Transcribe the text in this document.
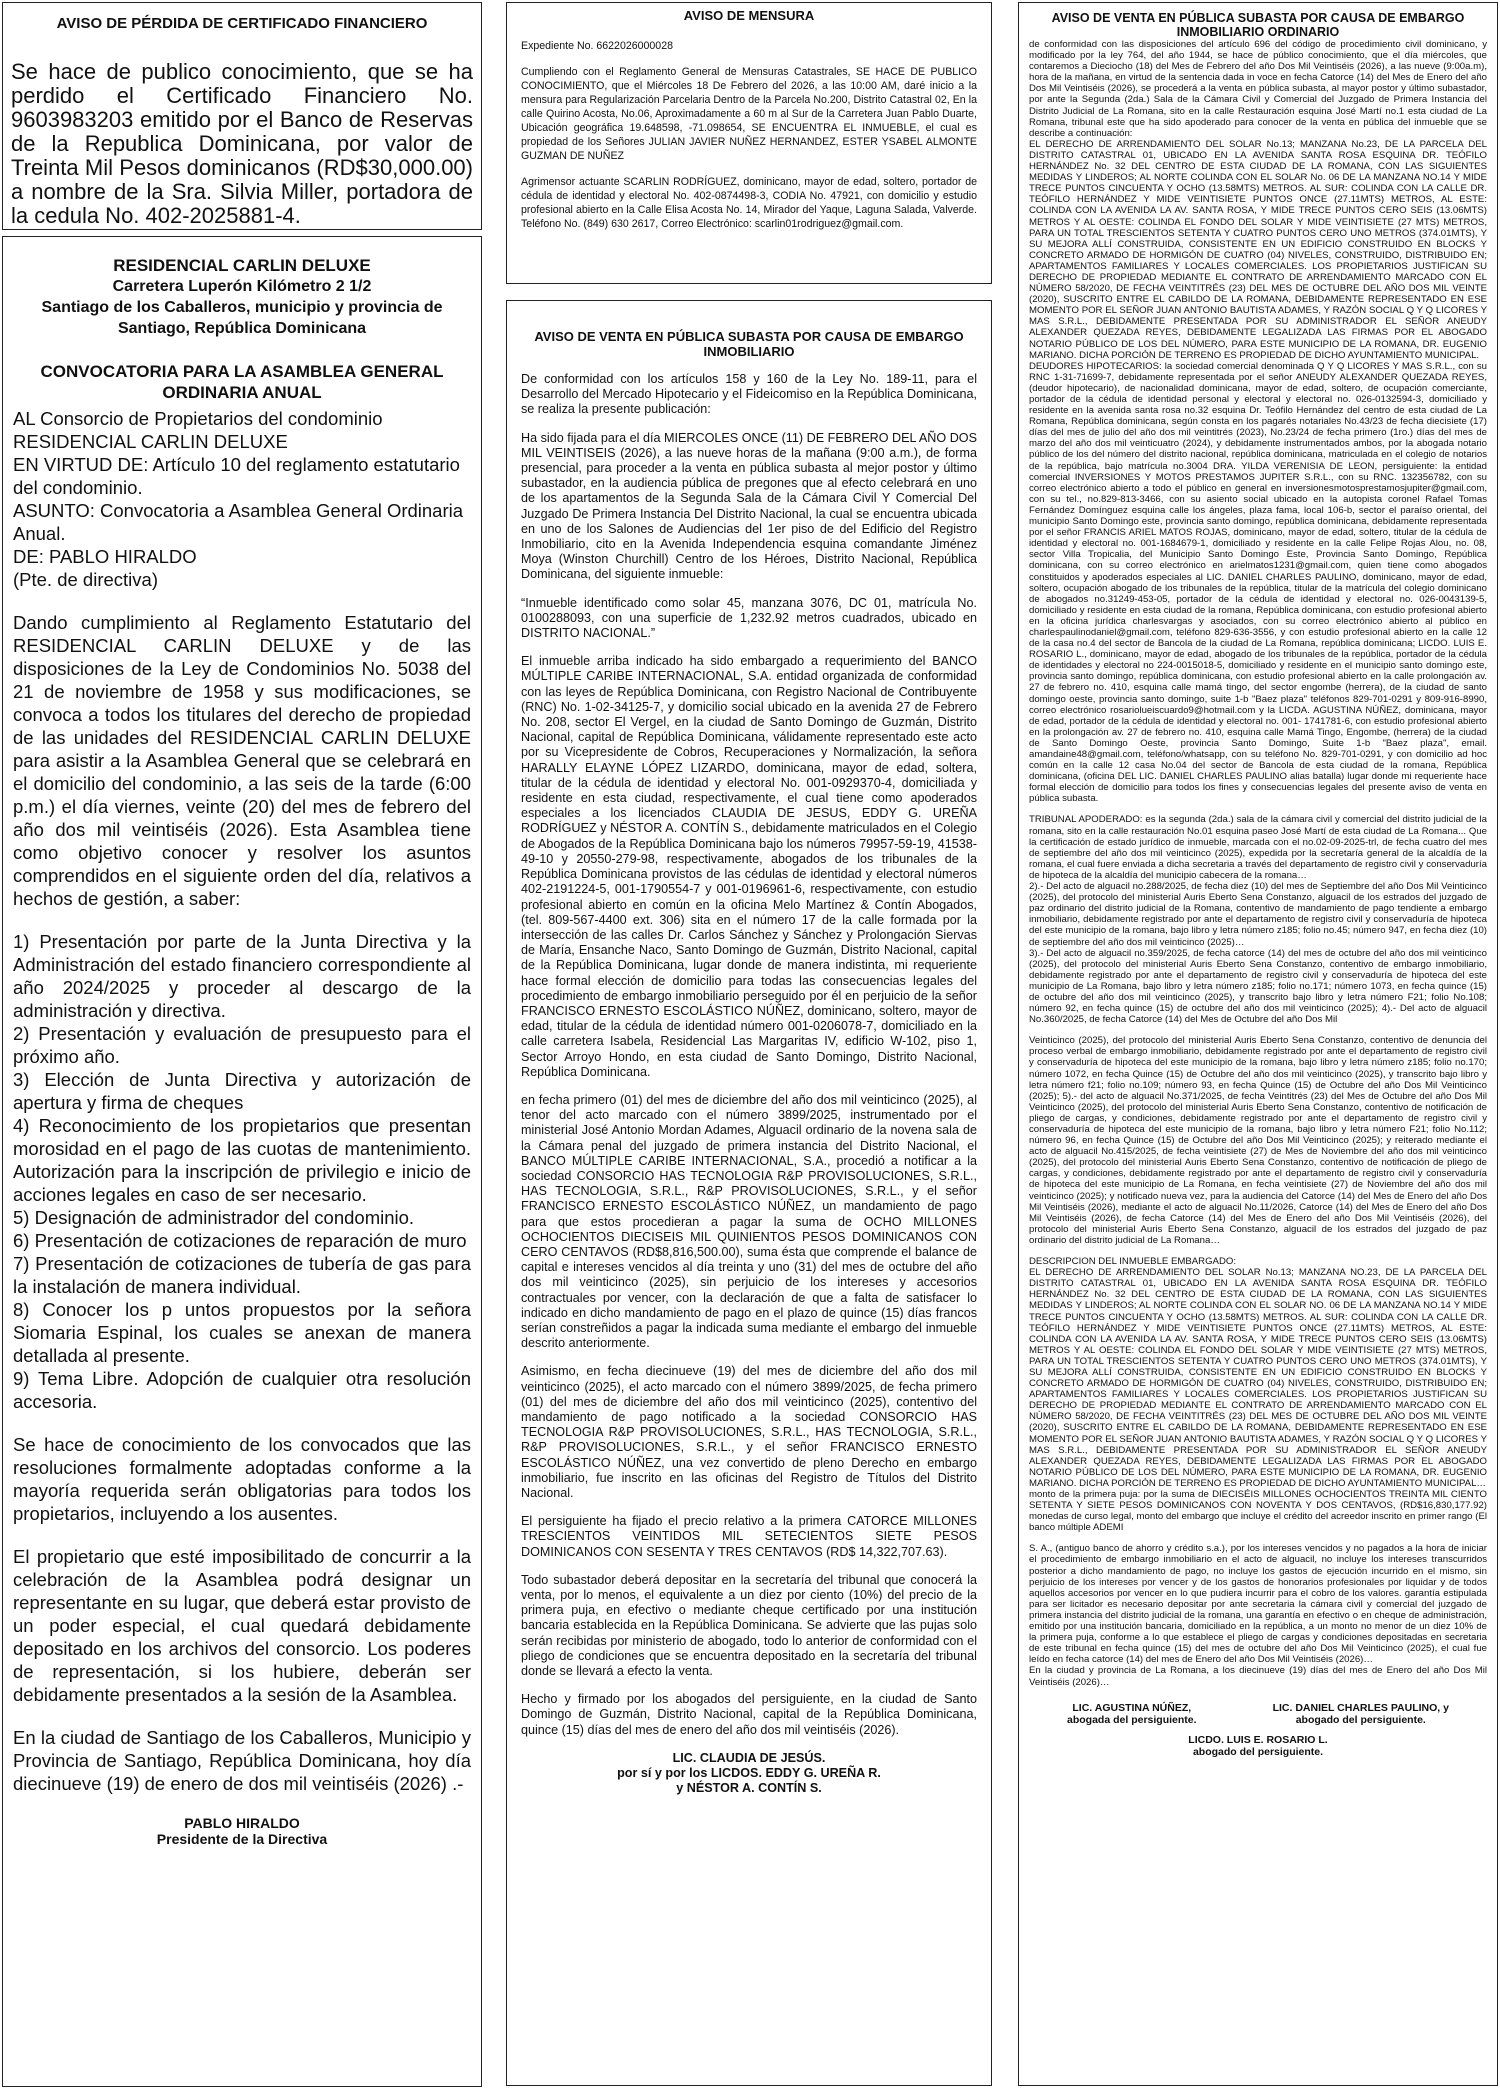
AVISO DE PÉRDIDA DE CERTIFICADO FINANCIERO

Se hace de publico conocimiento, que se ha perdido el Certificado Financiero No. 9603983203 emitido por el Banco de Reservas de la Republica Dominicana, por valor de Treinta Mil Pesos dominicanos (RD$30,000.00) a nombre de la Sra. Silvia Miller, portadora de la cedula No. 402-2025881-4.

RESIDENCIAL CARLIN DELUXE
Carretera Luperón Kilómetro 2 1/2
Santiago de los Caballeros, municipio y provincia de Santiago, República Dominicana
CONVOCATORIA PARA LA ASAMBLEA GENERAL ORDINARIA ANUAL
AL Consorcio de Propietarios del condominio RESIDENCIAL CARLIN DELUXE
EN VIRTUD DE: Artículo 10 del reglamento estatutario del condominio.
ASUNTO: Convocatoria a Asamblea General Ordinaria Anual.
DE: PABLO HIRALDO
(Pte. de directiva)

Dando cumplimiento al Reglamento Estatutario del RESIDENCIAL CARLIN DELUXE y de las disposiciones de la Ley de Condominios No. 5038 del 21 de noviembre de 1958 y sus modificaciones, se convoca a todos los titulares del derecho de propiedad de las unidades del RESIDENCIAL CARLIN DELUXE para asistir a la Asamblea General que se celebrará en el domicilio del condominio, a las seis de la tarde (6:00 p.m.) el día viernes, veinte (20) del mes de febrero del año dos mil veintiséis (2026). Esta Asamblea tiene como objetivo conocer y resolver los asuntos comprendidos en el siguiente orden del día, relativos a hechos de gestión, a saber:

1) Presentación por parte de la Junta Directiva y la Administración del estado financiero correspondiente al año 2024/2025 y proceder al descargo de la administración y directiva.

2) Presentación y evaluación de presupuesto para el próximo año.

3) Elección de Junta Directiva y autorización de apertura y firma de cheques

4) Reconocimiento de los propietarios que presentan morosidad en el pago de las cuotas de mantenimiento. Autorización para la inscripción de privilegio e inicio de acciones legales en caso de ser necesario.

5) Designación de administrador del condominio.

6) Presentación de cotizaciones de reparación de muro

7) Presentación de cotizaciones de tubería de gas para la instalación de manera individual.

8) Conocer los p untos propuestos por la señora Siomaria Espinal, los cuales se anexan de manera detallada al presente.

9) Tema Libre. Adopción de cualquier otra resolución accesoria.

Se hace de conocimiento de los convocados que las resoluciones formalmente adoptadas conforme a la mayoría requerida serán obligatorias para todos los propietarios, incluyendo a los ausentes.

El propietario que esté imposibilitado de concurrir a la celebración de la Asamblea podrá designar un representante en su lugar, que deberá estar provisto de un poder especial, el cual quedará debidamente depositado en los archivos del consorcio. Los poderes de representación, si los hubiere, deberán ser debidamente presentados a la sesión de la Asamblea.

En la ciudad de Santiago de los Caballeros, Municipio y Provincia de Santiago, República Dominicana, hoy día diecinueve (19) de enero de dos mil veintiséis (2026) .-

PABLO HIRALDO
Presidente de la Directiva
AVISO DE MENSURA
Expediente No. 6622026000028

Cumpliendo con el Reglamento General de Mensuras Catastrales, SE HACE DE PUBLICO CONOCIMIENTO, que el Miércoles 18 De Febrero del 2026, a las 10:00 AM, daré inicio a la mensura para Regularización Parcelaria Dentro de la Parcela No.200, Distrito Catastral 02, En la calle Quirino Acosta, No.06, Aproximadamente a 60 m al Sur de la Carretera Juan Pablo Duarte, Ubicación geográfica 19.648598, -71.098654, SE ENCUENTRA EL INMUEBLE, el cual es propiedad de los Señores JULIAN JAVIER NUÑEZ HERNANDEZ, ESTER YSABEL ALMONTE GUZMAN DE NUÑEZ

Agrimensor actuante SCARLIN RODRÍGUEZ, dominicano, mayor de edad, soltero, portador de cédula de identidad y electoral No. 402-0874498-3, CODIA No. 47921, con domicilio y estudio profesional abierto en la Calle Elisa Acosta No. 14, Mirador del Yaque, Laguna Salada, Valverde. Teléfono No. (849) 630 2617, Correo Electrónico: scarlin01rodriguez@gmail.com.

AVISO DE VENTA EN PÚBLICA SUBASTA POR CAUSA DE EMBARGO INMOBILIARIO

De conformidad con los artículos 158 y 160 de la Ley No. 189-11, para el Desarrollo del Mercado Hipotecario y el Fideicomiso en la República Dominicana, se realiza la presente publicación:

Ha sido fijada para el día MIERCOLES ONCE (11) DE FEBRERO DEL AÑO DOS MIL VEINTISEIS (2026), a las nueve horas de la mañana (9:00 a.m.), de forma presencial, para proceder a la venta en pública subasta al mejor postor y último subastador, en la audiencia pública de pregones que al efecto celebrará en uno de los apartamentos de la Segunda Sala de la Cámara Civil Y Comercial Del Juzgado De Primera Instancia Del Distrito Nacional, la cual se encuentra ubicada en uno de los Salones de Audiencias del 1er piso de del Edificio del Registro Inmobiliario, cito en la Avenida Independencia esquina comandante Jiménez Moya (Winston Churchill) Centro de los Héroes, Distrito Nacional, República Dominicana, del siguiente inmueble:

“Inmueble identificado como solar 45, manzana 3076, DC 01, matrícula No. 0100288093, con una superficie de 1,232.92 metros cuadrados, ubicado en DISTRITO NACIONAL.”

El inmueble arriba indicado ha sido embargado a requerimiento del BANCO MÚLTIPLE CARIBE INTERNACIONAL, S.A. entidad organizada de conformidad con las leyes de República Dominicana, con Registro Nacional de Contribuyente (RNC) No. 1-02-34125-7, y domicilio social ubicado en la avenida 27 de Febrero No. 208, sector El Vergel, en la ciudad de Santo Domingo de Guzmán, Distrito Nacional, capital de República Dominicana, válidamente representado este acto por su Vicepresidente de Cobros, Recuperaciones y Normalización, la señora HARALLY ELAYNE LÓPEZ LIZARDO, dominicana, mayor de edad, soltera, titular de la cédula de identidad y electoral No. 001-0929370-4, domiciliada y residente en esta ciudad, respectivamente, el cual tiene como apoderados especiales a los licenciados CLAUDIA DE JESUS, EDDY G. UREÑA RODRÍGUEZ y NÉSTOR A. CONTÍN S., debidamente matriculados en el Colegio de Abogados de la República Dominicana bajo los números 79957-59-19, 41538-49-10 y 20550-279-98, respectivamente, abogados de los tribunales de la República Dominicana provistos de las cédulas de identidad y electoral números 402-2191224-5, 001-1790554-7 y 001-0196961-6, respectivamente, con estudio profesional abierto en común en la oficina Melo Martínez & Contín Abogados, (tel. 809-567-4400 ext. 306) sita en el número 17 de la calle formada por la intersección de las calles Dr. Carlos Sánchez y Sánchez y Prolongación Siervas de María, Ensanche Naco, Santo Domingo de Guzmán, Distrito Nacional, capital de la República Dominicana, lugar donde de manera indistinta, mi requeriente hace formal elección de domicilio para todas las consecuencias legales del procedimiento de embargo inmobiliario perseguido por él en perjuicio de la señor FRANCISCO ERNESTO ESCOLÁSTICO NÚÑEZ, dominicano, soltero, mayor de edad, titular de la cédula de identidad número 001-0206078-7, domiciliado en la calle carretera Isabela, Residencial Las Margaritas IV, edificio W-102, piso 1, Sector Arroyo Hondo, en esta ciudad de Santo Domingo, Distrito Nacional, República Dominicana.

en fecha primero (01) del mes de diciembre del año dos mil veinticinco (2025), al tenor del acto marcado con el número 3899/2025, instrumentado por el ministerial José Antonio Mordan Adames, Alguacil ordinario de la novena sala de la Cámara penal del juzgado de primera instancia del Distrito Nacional, el BANCO MÚLTIPLE CARIBE INTERNACIONAL, S.A., procedió a notificar a la sociedad CONSORCIO HAS TECNOLOGIA R&P PROVISOLUCIONES, S.R.L., HAS TECNOLOGIA, S.R.L., R&P PROVISOLUCIONES, S.R.L., y el señor FRANCISCO ERNESTO ESCOLÁSTICO NÚÑEZ, un mandamiento de pago para que estos procedieran a pagar la suma de OCHO MILLONES OCHOCIENTOS DIECISEIS MIL QUINIENTOS PESOS DOMINICANOS CON CERO CENTAVOS (RD$8,816,500.00), suma ésta que comprende el balance de capital e intereses vencidos al día treinta y uno (31) del mes de octubre del año dos mil veinticinco (2025), sin perjuicio de los intereses y accesorios contractuales por vencer, con la declaración de que a falta de satisfacer lo indicado en dicho mandamiento de pago en el plazo de quince (15) días francos serían constreñidos a pagar la indicada suma mediante el embargo del inmueble descrito anteriormente.

Asimismo, en fecha diecinueve (19) del mes de diciembre del año dos mil veinticinco (2025), el acto marcado con el número 3899/2025, de fecha primero (01) del mes de diciembre del año dos mil veinticinco (2025), contentivo del mandamiento de pago notificado a la sociedad CONSORCIO HAS TECNOLOGIA R&P PROVISOLUCIONES, S.R.L., HAS TECNOLOGIA, S.R.L., R&P PROVISOLUCIONES, S.R.L., y el señor FRANCISCO ERNESTO ESCOLÁSTICO NÚÑEZ, una vez convertido de pleno Derecho en embargo inmobiliario, fue inscrito en las oficinas del Registro de Títulos del Distrito Nacional.

El persiguiente ha fijado el precio relativo a la primera CATORCE MILLONES TRESCIENTOS VEINTIDOS MIL SETECIENTOS SIETE PESOS DOMINICANOS CON SESENTA Y TRES CENTAVOS (RD$ 14,322,707.63).

Todo subastador deberá depositar en la secretaría del tribunal que conocerá la venta, por lo menos, el equivalente a un diez por ciento (10%) del precio de la primera puja, en efectivo o mediante cheque certificado por una institución bancaria establecida en la República Dominicana. Se advierte que las pujas solo serán recibidas por ministerio de abogado, todo lo anterior de conformidad con el pliego de condiciones que se encuentra depositado en la secretaría del tribunal donde se llevará a efecto la venta.

Hecho y firmado por los abogados del persiguiente, en la ciudad de Santo Domingo de Guzmán, Distrito Nacional, capital de la República Dominicana, quince (15) días del mes de enero del año dos mil veintiséis (2026).

LIC. CLAUDIA DE JESÚS.
por sí y por los LICDOS. EDDY G. UREÑA R.
y NÉSTOR A. CONTÍN S.
AVISO DE VENTA EN PÚBLICA SUBASTA POR CAUSA DE EMBARGO INMOBILIARIO ORDINARIO

de conformidad con las disposiciones del artículo 696 del código de procedimiento civil dominicano, y modificado por la ley 764, del año 1944, se hace de público conocimiento, que el día miércoles, que contaremos a Dieciocho (18) del Mes de Febrero del año Dos Mil Veintiséis (2026), a las nueve (9:00a.m), hora de la mañana, en virtud de la sentencia dada in voce en fecha Catorce (14) del Mes de Enero del año Dos Mil Veintiséis (2026), se procederá a la venta en pública subasta, al mayor postor y último subastador, por ante la Segunda (2da.) Sala de la Cámara Civil y Comercial del Juzgado de Primera Instancia del Distrito Judicial de La Romana, sito en la calle Restauración esquina José Martí no.1 esta ciudad de La Romana, tribunal este que ha sido apoderado para conocer de la venta en pública del inmueble que se describe a continuación:

EL DERECHO DE ARRENDAMIENTO DEL SOLAR No.13; MANZANA No.23, DE LA PARCELA DEL DISTRITO CATASTRAL 01, UBICADO EN LA AVENIDA SANTA ROSA ESQUINA DR. TEÓFILO HERNÁNDEZ No. 32 DEL CENTRO DE ESTA CIUDAD DE LA ROMANA, CON LAS SIGUIENTES MEDIDAS Y LINDEROS; AL NORTE COLINDA CON EL SOLAR No. 06 DE LA MANZANA NO.14 Y MIDE TRECE PUNTOS CINCUENTA Y OCHO (13.58MTS) METROS. AL SUR: COLINDA CON LA CALLE DR. TEÓFILO HERNÁNDEZ Y MIDE VEINTISIETE PUNTOS ONCE (27.11MTS) METROS, AL ESTE: COLINDA CON LA AVENIDA LA AV. SANTA ROSA, Y MIDE TRECE PUNTOS CERO SEIS (13.06MTS) METROS Y AL OESTE: COLINDA EL FONDO DEL SOLAR Y MIDE VEINTISIETE (27 MTS) METROS, PARA UN TOTAL TRESCIENTOS SETENTA Y CUATRO PUNTOS CERO UNO METROS (374.01MTS), Y SU MEJORA ALLÍ CONSTRUIDA, CONSISTENTE EN UN EDIFICIO CONSTRUIDO EN BLOCKS Y CONCRETO ARMADO DE HORMIGÓN DE CUATRO (04) NIVELES, CONSTRUIDO, DISTRIBUIDO EN; APARTAMENTOS FAMILIARES Y LOCALES COMERCIALES. LOS PROPIETARIOS JUSTIFICAN SU DERECHO DE PROPIEDAD MEDIANTE EL CONTRATO DE ARRENDAMIENTO MARCADO CON EL NÚMERO 58/2020, DE FECHA VEINTITRÉS (23) DEL MES DE OCTUBRE DEL AÑO DOS MIL VEINTE (2020), SUSCRITO ENTRE EL CABILDO DE LA ROMANA, DEBIDAMENTE REPRESENTADO EN ESE MOMENTO POR EL SEÑOR JUAN ANTONIO BAUTISTA ADAMES, Y RAZÓN SOCIAL Q Y Q LICORES Y MAS S.R.L., DEBIDAMENTE PRESENTADA POR SU ADMINISTRADOR EL SEÑOR ANEUDY ALEXANDER QUEZADA REYES, DEBIDAMENTE LEGALIZADA LAS FIRMAS POR EL ABOGADO NOTARIO PÚBLICO DE LOS DEL NÚMERO, PARA ESTE MUNICIPIO DE LA ROMANA, DR. EUGENIO MARIANO. DICHA PORCIÓN DE TERRENO ES PROPIEDAD DE DICHO AYUNTAMIENTO MUNICIPAL.

DEUDORES HIPOTECARIOS: la sociedad comercial denominada Q Y Q LICORES Y MAS S.R.L., con su RNC 1-31-71699-7, debidamente representada por el señor ANEUDY ALEXANDER QUEZADA REYES, (deudor hipotecario), de nacionalidad dominicana, mayor de edad, soltero, de ocupación comerciante, portador de la cédula de identidad personal y electoral y electoral no. 026-0132594-3, domiciliado y residente en la avenida santa rosa no.32 esquina Dr. Teófilo Hernández del centro de esta ciudad de La Romana, República dominicana, según consta en los pagarés notariales No.43/23 de fecha diecisiete (17) días del mes de julio del año dos mil veintitrés (2023), No.23/24 de fecha primero (1ro.) días del mes de marzo del año dos mil veinticuatro (2024), y debidamente instrumentados ambos, por la abogada notario público de los del número del distrito nacional, república dominicana, matriculada en el colegio de notarios de la república, bajo matrícula no.3004 DRA. YILDA VERENISIA DE LEON, persiguiente: la entidad comercial INVERSIONES Y MOTOS PRESTAMOS JUPITER S.R.L., con su RNC. 132356782, con su correo electrónico abierto a todo el público en general en inversionesmotosprestamosjupiter@gmail.com, con su tel., no.829-813-3466, con su asiento social ubicado en la autopista coronel Rafael Tomas Fernández Domínguez esquina calle los ángeles, plaza fama, local 106-b, sector el paraíso oriental, del municipio Santo Domingo este, provincia santo domingo, república dominicana, debidamente representada por el señor FRANCIS ARIEL MATOS ROJAS, dominicano, mayor de edad, soltero, titular de la cédula de identidad y electoral no. 001-1684679-1, domiciliado y residente en la calle Felipe Rojas Alou, no. 08, sector Villa Tropicalia, del Municipio Santo Domingo Este, Provincia Santo Domingo, República dominicana, con su correo electrónico en arielmatos1231@gmail.com, quien tiene como abogados constituidos y apoderados especiales al LIC. DANIEL CHARLES PAULINO, dominicano, mayor de edad, soltero, ocupación abogado de los tribunales de la república, titular de la matrícula del colegio dominicano de abogados no.31249-453-05, portador de la cédula de identidad y electoral no. 026-0043139-5, domiciliado y residente en esta ciudad de la romana, República dominicana, con estudio profesional abierto en la oficina jurídica charlesvargas y asociados, con su correo electrónico abierto al público en charlespaulinodaniel@gmail.com, teléfono 829-636-3556, y con estudio profesional abierto en la calle 12 de la casa no.4 del sector de Bancola de la ciudad de La Romana, república dominicana; LICDO. LUIS E. ROSARIO L., dominicano, mayor de edad, abogado de los tribunales de la república, portador de la cédula de identidades y electoral no 224-0015018-5, domiciliado y residente en el municipio santo domingo este, provincia santo domingo, república dominicana, con estudio profesional abierto en la calle prolongación av. 27 de febrero no. 410, esquina calle mamá tingo, del sector engombe (herrera), de la ciudad de santo domingo oeste, provincia santo domingo, suite 1-b "Baez plaza" teléfonos 829-701-0291 y 809-916-8990, correo electrónico rosariolueiscuardo9@hotmail.com y la LICDA. AGUSTINA NÚÑEZ, dominicana, mayor de edad, portador de la cédula de identidad y electoral no. 001- 1741781-6, con estudio profesional abierto en la prolongación av. 27 de febrero no. 410, esquina calle Mamá Tingo, Engombe, (herrera) de la ciudad de Santo Domingo Oeste, provincia Santo Domingo, Suite 1-b "Baez plaza", email. amandaine48@gmail.com, teléfono/whatsapp, con su teléfono No. 829-701-0291, y con domicilio ad hoc común en la calle 12 casa No.04 del sector de Bancola de esta ciudad de la romana, República dominicana, (oficina DEL LIC. DANIEL CHARLES PAULINO alias batalla) lugar donde mi requeriente hace formal elección de domicilio para todos los fines y consecuencias legales del presente aviso de venta en pública subasta.

TRIBUNAL APODERADO: es la segunda (2da.) sala de la cámara civil y comercial del distrito judicial de la romana, sito en la calle restauración No.01 esquina paseo José Martí de esta ciudad de La Romana... Que la certificación de estado jurídico de inmueble, marcada con el no.02-09-2025-trl, de fecha cuatro del mes de septiembre del año dos mil veinticinco (2025), expedida por la secretaría general de la alcaldía de la romana, el cual fuere enviada a dicha secretaria a través del departamento de registro civil y conservaduría de hipoteca de la alcaldía del municipio cabecera de la romana…

2).- Del acto de alguacil no.288/2025, de fecha diez (10) del mes de Septiembre del año Dos Mil Veinticinco (2025), del protocolo del ministerial Auris Eberto Sena Constanzo, alguacil de los estrados del juzgado de paz ordinario del distrito judicial de la Romana, contentivo de mandamiento de pago tendiente a embargo inmobiliario, debidamente registrado por ante el departamento de registro civil y conservaduría de hipoteca del este municipio de la romana, bajo libro y letra número z185; folio no.45; número 947, en fecha diez (10) de septiembre del año dos mil veinticinco (2025)…

3).- Del acto de alguacil no.359/2025, de fecha catorce (14) del mes de octubre del año dos mil veinticinco (2025), del protocolo del ministerial Auris Eberto Sena Constanzo, contentivo de embargo inmobiliario, debidamente registrado por ante el departamento de registro civil y conservaduría de hipoteca del este municipio de La Romana, bajo libro y letra número z185; folio no.171; número 1073, en fecha quince (15) de octubre del año dos mil veinticinco (2025), y transcrito bajo libro y letra número F21; folio No.108; número 92, en fecha quince (15) de octubre del año dos mil veinticinco (2025); 4).- Del acto de alguacil No.360/2025, de fecha Catorce (14) del Mes de Octubre del año Dos Mil

Veinticinco (2025), del protocolo del ministerial Auris Eberto Sena Constanzo, contentivo de denuncia del proceso verbal de embargo inmobiliario, debidamente registrado por ante el departamento de registro civil y conservaduría de hipoteca del este municipio de la romana, bajo libro y letra número z185; folio no.170; número 1072, en fecha Quince (15) de Octubre del año dos mil veinticinco (2025), y transcrito bajo libro y letra número f21; folio no.109; número 93, en fecha Quince (15) de Octubre del año Dos Mil Veinticinco (2025); 5).- del acto de alguacil No.371/2025, de fecha Veintitrés (23) del Mes de Octubre del año Dos Mil Veinticinco (2025), del protocolo del ministerial Auris Eberto Sena Constanzo, contentivo de notificación de pliego de cargas, y condiciones, debidamente registrado por ante el departamento de registro civil y conservaduría de hipoteca del este municipio de la romana, bajo libro y letra número F21; folio No.112; número 96, en fecha Quince (15) de Octubre del año Dos Mil Veinticinco (2025); y reiterado mediante el acto de alguacil No.415/2025, de fecha veintisiete (27) de Mes de Noviembre del año dos mil veinticinco (2025), del protocolo del ministerial Auris Eberto Sena Constanzo, contentivo de notificación de pliego de cargas, y condiciones, debidamente registrado por ante el departamento de registro civil y conservaduría de hipoteca del este municipio de La Romana, en fecha veintisiete (27) de Noviembre del año dos mil veinticinco (2025); y notificado nueva vez, para la audiencia del Catorce (14) del Mes de Enero del año Dos Mil Veintiséis (2026), mediante el acto de alguacil No.11/2026, Catorce (14) del Mes de Enero del año Dos Mil Veintiséis (2026), de fecha Catorce (14) del Mes de Enero del año Dos Mil Veintiséis (2026), del protocolo del ministerial Auris Eberto Sena Constanzo, alguacil de los estrados del juzgado de paz ordinario del distrito judicial de La Romana…

DESCRIPCION DEL INMUEBLE EMBARGADO:

EL DERECHO DE ARRENDAMIENTO DEL SOLAR No.13; MANZANA NO.23, DE LA PARCELA DEL DISTRITO CATASTRAL 01, UBICADO EN LA AVENIDA SANTA ROSA ESQUINA DR. TEÓFILO HERNÁNDEZ No. 32 DEL CENTRO DE ESTA CIUDAD DE LA ROMANA, CON LAS SIGUIENTES MEDIDAS Y LINDEROS; AL NORTE COLINDA CON EL SOLAR NO. 06 DE LA MANZANA NO.14 Y MIDE TRECE PUNTOS CINCUENTA Y OCHO (13.58MTS) METROS. AL SUR: COLINDA CON LA CALLE DR. TEÓFILO HERNÁNDEZ Y MIDE VEINTISIETE PUNTOS ONCE (27.11MTS) METROS, AL ESTE: COLINDA CON LA AVENIDA LA AV. SANTA ROSA, Y MIDE TRECE PUNTOS CERO SEIS (13.06MTS) METROS Y AL OESTE: COLINDA EL FONDO DEL SOLAR Y MIDE VEINTISIETE (27 MTS) METROS, PARA UN TOTAL TRESCIENTOS SETENTA Y CUATRO PUNTOS CERO UNO METROS (374.01MTS), Y SU MEJORA ALLÍ CONSTRUIDA, CONSISTENTE EN UN EDIFICIO CONSTRUIDO EN BLOCKS Y CONCRETO ARMADO DE HORMIGÓN DE CUATRO (04) NIVELES, CONSTRUIDO, DISTRIBUIDO EN; APARTAMENTOS FAMILIARES Y LOCALES COMERCIALES. LOS PROPIETARIOS JUSTIFICAN SU DERECHO DE PROPIEDAD MEDIANTE EL CONTRATO DE ARRENDAMIENTO MARCADO CON EL NÚMERO 58/2020, DE FECHA VEINTITRÉS (23) DEL MES DE OCTUBRE DEL AÑO DOS MIL VEINTE (2020), SUSCRITO ENTRE EL CABILDO DE LA ROMANA, DEBIDAMENTE REPRESENTADO EN ESE MOMENTO POR EL SEÑOR JUAN ANTONIO BAUTISTA ADAMES, Y RAZÓN SOCIAL Q Y Q LICORES Y MAS S.R.L., DEBIDAMENTE PRESENTADA POR SU ADMINISTRADOR EL SEÑOR ANEUDY ALEXANDER QUEZADA REYES, DEBIDAMENTE LEGALIZADA LAS FIRMAS POR EL ABOGADO NOTARIO PÚBLICO DE LOS DEL NÚMERO, PARA ESTE MUNICIPIO DE LA ROMANA, DR. EUGENIO MARIANO. DICHA PORCIÓN DE TERRENO ES PROPIEDAD DE DICHO AYUNTAMIENTO MUNICIPAL…

monto de la primera puja: por la suma de DIECISÉIS MILLONES OCHOCIENTOS TREINTA MIL CIENTO SETENTA Y SIETE PESOS DOMINICANOS CON NOVENTA Y DOS CENTAVOS, (RD$16,830,177.92) monedas de curso legal, monto del embargo que incluye el crédito del acreedor inscrito en primer rango (El banco múltiple ADEMI

S. A., (antiguo banco de ahorro y crédito s.a.), por los intereses vencidos y no pagados a la hora de iniciar el procedimiento de embargo inmobiliario en el acto de alguacil, no incluye los intereses transcurridos posterior a dicho mandamiento de pago, no incluye los gastos de ejecución incurrido en el mismo, sin perjuicio de los intereses por vencer y de los gastos de honorarios profesionales por liquidar y de todos aquellos accesorios por vencer en lo que pudiera incurrir para el cobro de los valores. garantía estipulada para ser licitador es necesario depositar por ante secretaria la cámara civil y comercial del juzgado de primera instancia del distrito judicial de la romana, una garantía en efectivo o en cheque de administración, emitido por una institución bancaria, domiciliado en la república, a un monto no menor de un diez 10% de la primera puja, conforme a lo que establece el pliego de cargas y condiciones depositadas en secretaria de este tribunal en fecha quince (15) del mes de octubre del año Dos Mil Veinticinco (2025), el cual fue leído en fecha catorce (14) del mes de Enero del año Dos Mil Veintiséis (2026)…

En la ciudad y provincia de La Romana, a los diecinueve (19) días del mes de Enero del año Dos Mil Veintiséis (2026)…

LIC. AGUSTINA NÚÑEZ,
abogada del persiguiente.
LIC. DANIEL CHARLES PAULINO, y
abogado del persiguiente.
LICDO. LUIS E. ROSARIO L.
abogado del persiguiente.
